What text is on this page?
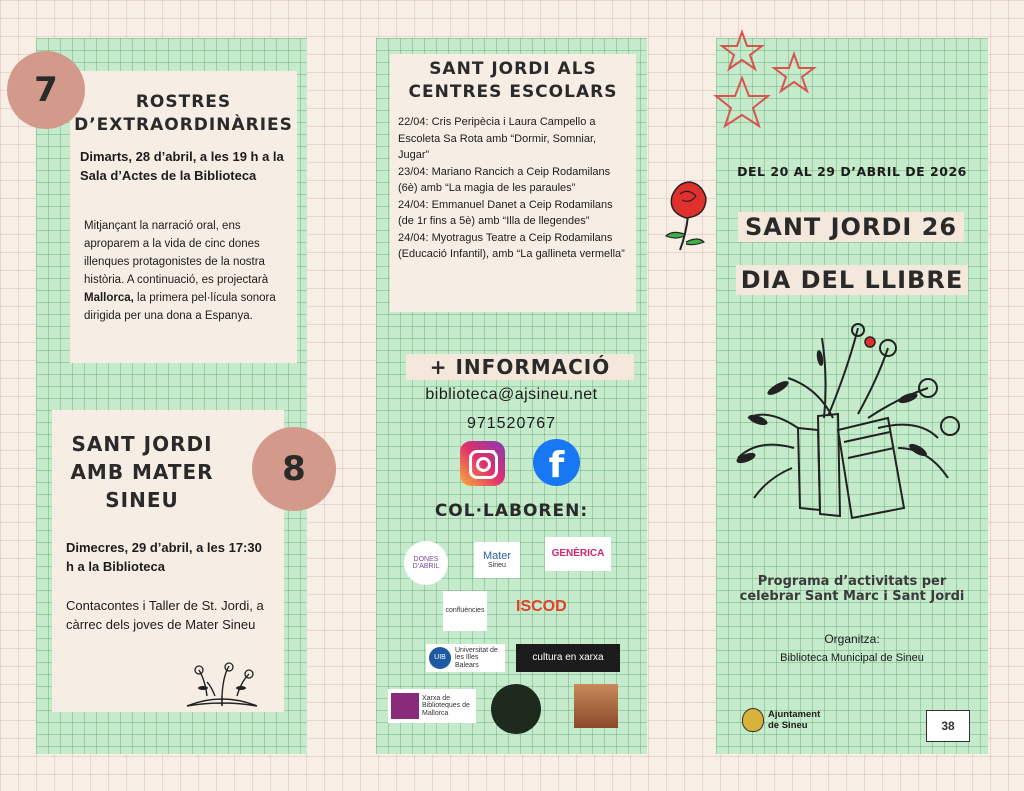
ROSTRES
D’EXTRAORDINÀRIES

Dimarts, 28 d’abril, a les 19 h a la Sala d’Actes de la Biblioteca

Mitjançant la narració oral, ens aproparem a la vida de cinc dones illenques protagonistes de la nostra història. A continuació, es projectarà Mallorca, la primera pel·lícula sonora dirigida per una dona a Espanya.

SANT JORDI
AMB MATER
SINEU

Dimecres, 29 d’abril, a les 17:30 h a la Biblioteca

Contacontes i Taller de St. Jordi, a càrrec dels joves de Mater Sineu

7
8
SANT JORDI ALS
CENTRES ESCOLARS

22/04: Cris Peripècia i Laura Campello a Escoleta Sa Rota amb “Dormir, Somniar, Jugar”

23/04: Mariano Rancich a Ceip Rodamilans (6è) amb “La magia de les paraules”

24/04: Emmanuel Danet a Ceip Rodamilans (de 1r fins a 5è) amb “Illa de llegendes”

24/04: Myotragus Teatre a Ceip Rodamilans (Educació Infantil), amb “La gallineta vermella”

+ INFORMACIÓ
biblioteca@ajsineu.net
971520767
f
COL·LABOREN:
DONES D’ABRIL
Mater
Sineu
GENÈRICA
confluències ISCOD
UIB
Universitat de les Illes Balears
cultura en xarxa
Xarxa de Biblioteques de Mallorca
DEL 20 AL 29 D’ABRIL DE 2026
SANT JORDI 26
DIA DEL LLIBRE

Programa d’activitats per celebrar Sant Marc i Sant Jordi

Organitza:
Biblioteca Municipal de Sineu
Ajuntament de Sineu	38
